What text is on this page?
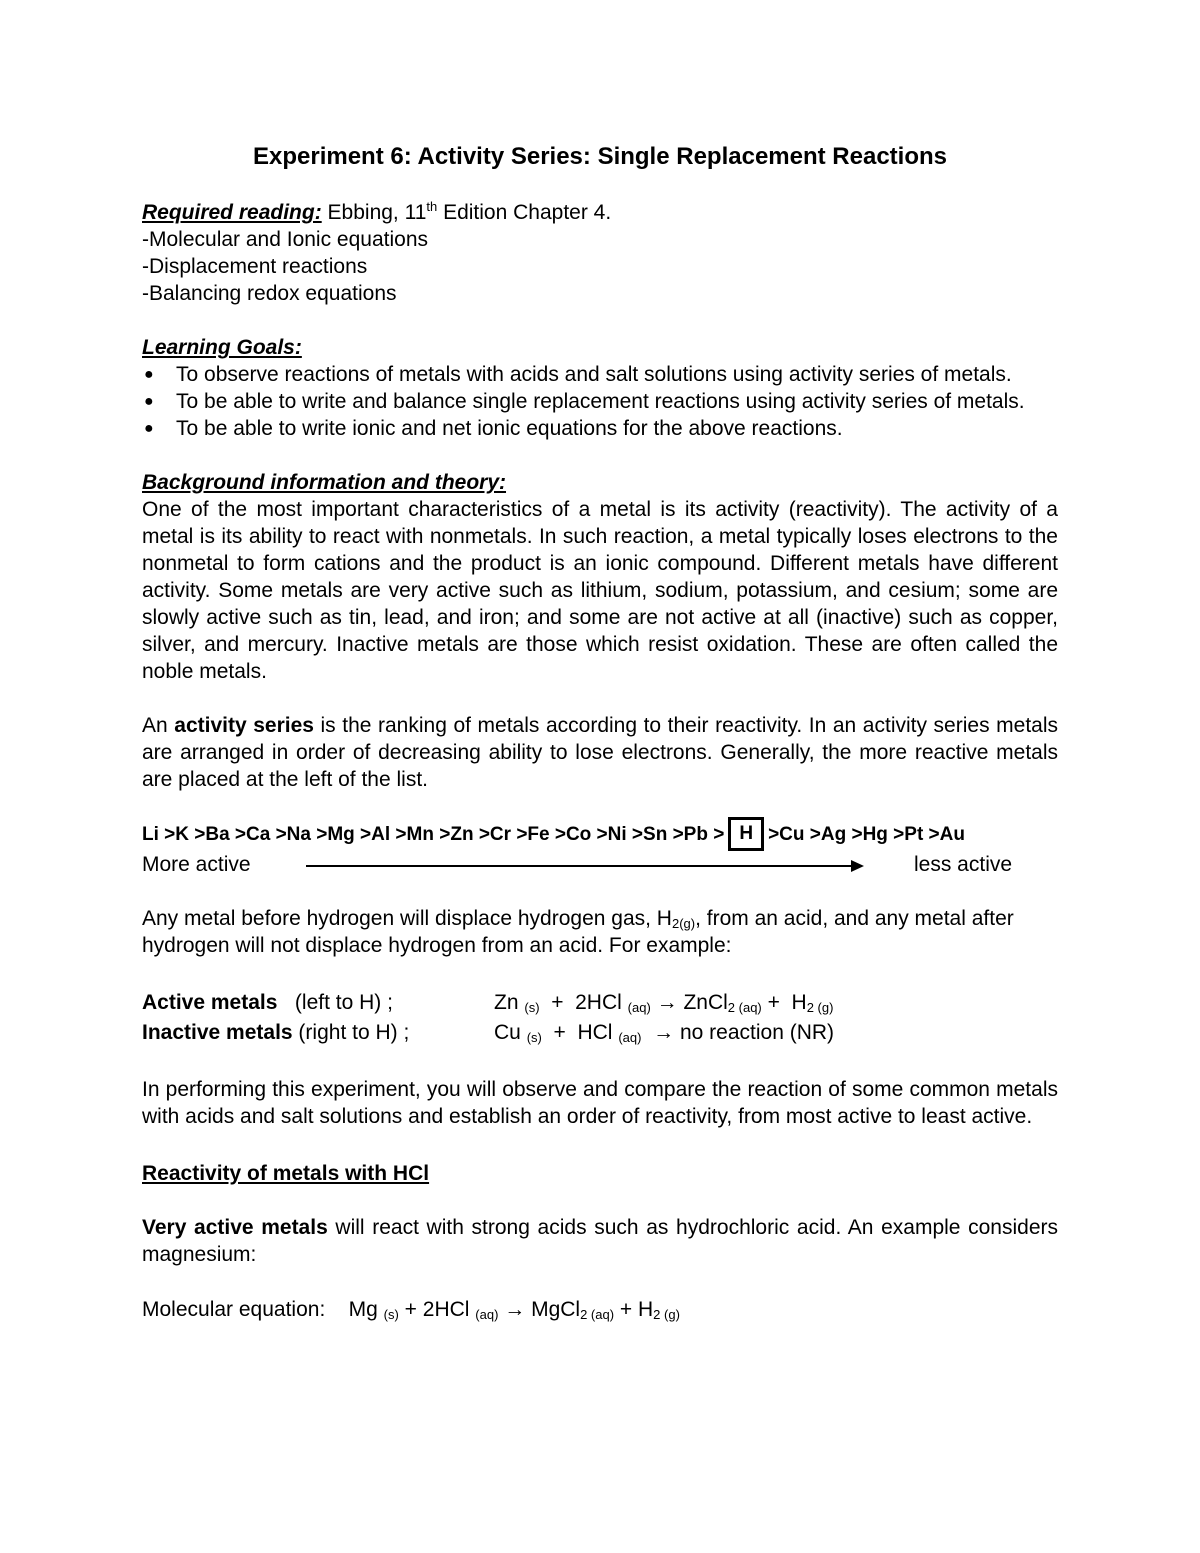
Experiment 6: Activity Series: Single Replacement Reactions
Required reading: Ebbing, 11th Edition Chapter 4.
-Molecular and Ionic equations
-Displacement reactions
-Balancing redox equations
Learning Goals:
● To observe reactions of metals with acids and salt solutions using activity series of metals.
● To be able to write and balance single replacement reactions using activity series of metals.
● To be able to write ionic and net ionic equations for the above reactions.
Background information and theory:
One of the most important characteristics of a metal is its activity (reactivity). The activity of a metal is its ability to react with nonmetals. In such reaction, a metal typically loses electrons to the nonmetal to form cations and the product is an ionic compound. Different metals have different activity. Some metals are very active such as lithium, sodium, potassium, and cesium; some are slowly active such as tin, lead, and iron; and some are not active at all (inactive) such as copper, silver, and mercury. Inactive metals are those which resist oxidation. These are often called the noble metals.
An activity series is the ranking of metals according to their reactivity. In an activity series metals are arranged in order of decreasing ability to lose electrons. Generally, the more reactive metals are placed at the left of the list.
Li >K >Ba >Ca >Na >Mg >Al >Mn >Zn >Cr >Fe >Co >Ni >Sn >Pb > H >Cu >Ag >Hg >Pt >Au
More active	less active
Any metal before hydrogen will displace hydrogen gas, $H_{2(g)}$, from an acid, and any metal after hydrogen will not displace hydrogen from an acid. For example:
Active metals   (left to H) ;	Zn $_{(s)}$  +  2HCl $_{(aq)}$ → ZnCl$_{2 (aq)}$ +  $H_{2 (g)}$
Inactive metals (right to H) ;	Cu $_{(s)}$  +  HCl $_{(aq)}$  → no reaction (NR)
In performing this experiment, you will observe and compare the reaction of some common metals with acids and salt solutions and establish an order of reactivity, from most active to least active.
Reactivity of metals with HCl
Very active metals will react with strong acids such as hydrochloric acid. An example considers magnesium:
Molecular equation: Mg $_{(s)}$ + 2HCl $_{(aq)}$ → MgCl$_{2 (aq)}$ + $H_{2 (g)}$
